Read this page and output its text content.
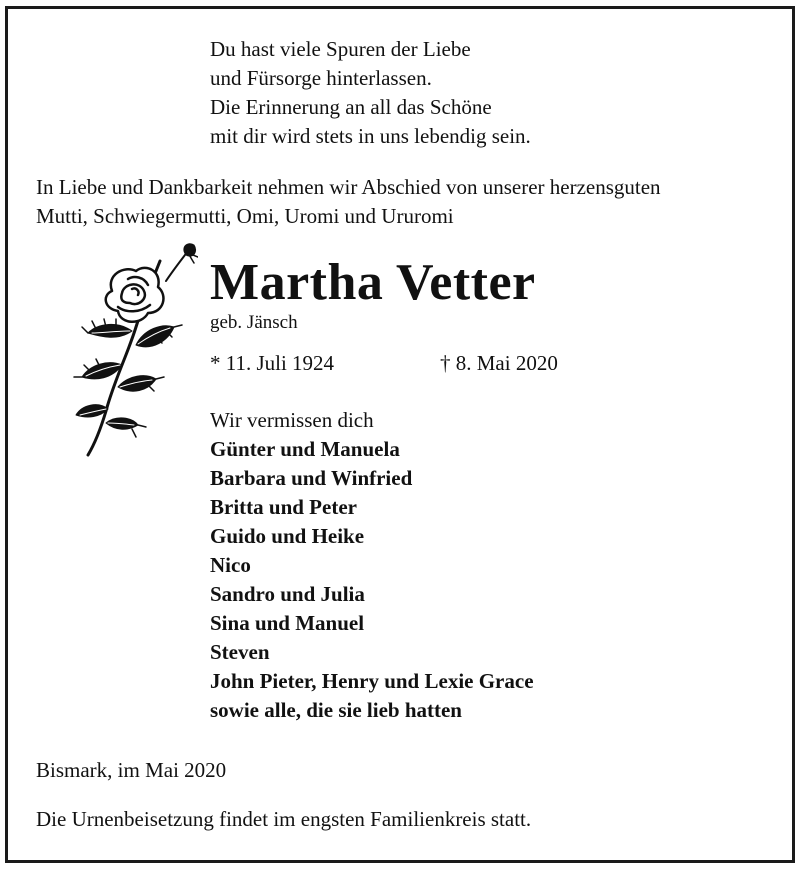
Du hast viele Spuren der Liebe
und Fürsorge hinterlassen.
Die Erinnerung an all das Schöne
mit dir wird stets in uns lebendig sein.
In Liebe und Dankbarkeit nehmen wir Abschied von unserer herzensguten
Mutti, Schwiegermutti, Omi, Uromi und Ururomi
Martha Vetter
geb. Jänsch
* 11. Juli 1924	† 8. Mai 2020
Wir vermissen dich
Günter und Manuela
Barbara und Winfried
Britta und Peter
Guido und Heike
Nico
Sandro und Julia
Sina und Manuel
Steven
John Pieter, Henry und Lexie Grace
sowie alle, die sie lieb hatten
Bismark, im Mai 2020
Die Urnenbeisetzung findet im engsten Familienkreis statt.
